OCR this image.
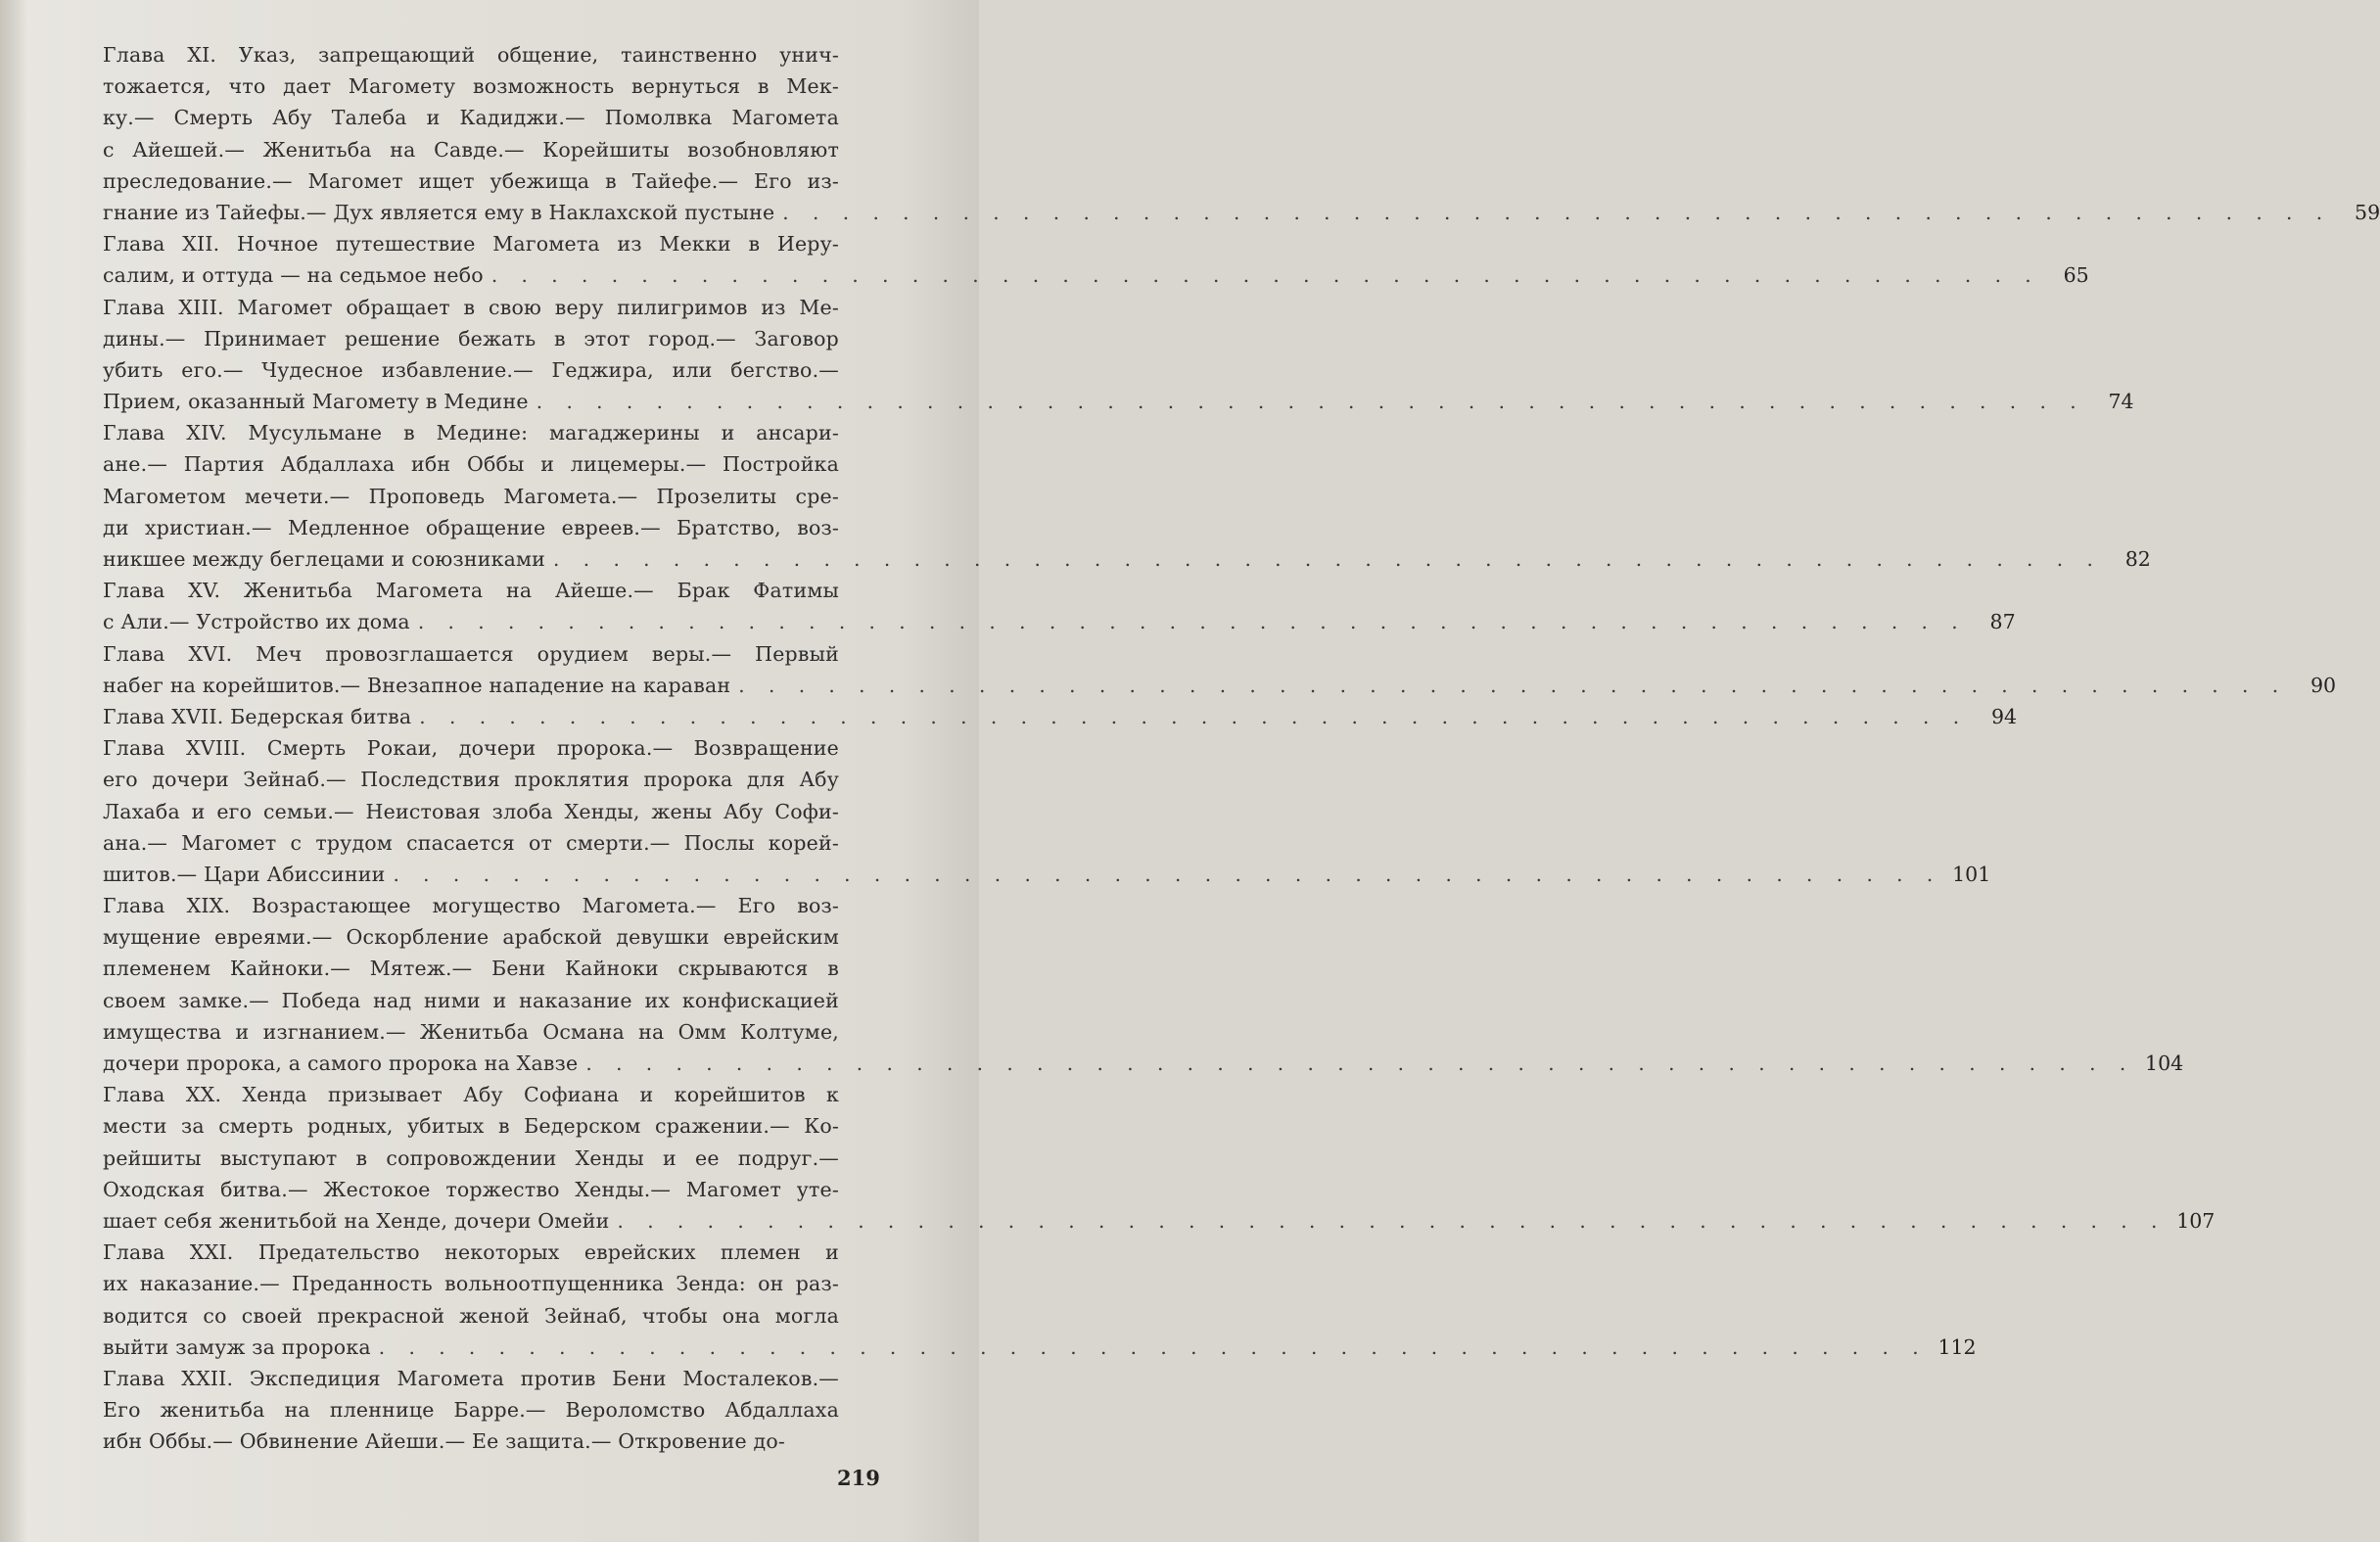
Глава XI. Указ, запрещающий общение, таинственно унич-
тожается, что дает Магомету возможность вернуться в Мек-
ку.— Смерть Абу Талеба и Кадиджи.— Помолвка Магомета
с Айешей.— Женитьба на Савде.— Корейшиты возобновляют
преследование.— Магомет ищет убежища в Тайефе.— Его из-
гнание из Тайефы.— Дух является ему в Наклахской пустыне . . .	59
Глава XII. Ночное путешествие Магомета из Мекки в Иеру-
салим, и оттуда — на седьмое небо . . .	65
Глава XIII. Магомет обращает в свою веру пилигримов из Ме-
дины.— Принимает решение бежать в этот город.— Заговор
убить его.— Чудесное избавление.— Геджира, или бегство.—
Прием, оказанный Магомету в Медине . . .	74
Глава XIV. Мусульмане в Медине: магаджерины и ансари-
ане.— Партия Абдаллаха ибн Оббы и лицемеры.— Постройка
Магометом мечети.— Проповедь Магомета.— Прозелиты сре-
ди христиан.— Медленное обращение евреев.— Братство, воз-
никшее между беглецами и союзниками . . .	82
Глава XV. Женитьба Магомета на Айеше.— Брак Фатимы
с Али.— Устройство их дома . . .	87
Глава XVI. Меч провозглашается орудием веры.— Первый
набег на корейшитов.— Внезапное нападение на караван . . .	90
Глава XVII. Бедерская битва . . .	94
Глава XVIII. Смерть Рокаи, дочери пророка.— Возвращение
его дочери Зейнаб.— Последствия проклятия пророка для Абу
Лахаба и его семьи.— Неистовая злоба Хенды, жены Абу Софи-
ана.— Магомет с трудом спасается от смерти.— Послы корей-
шитов.— Цари Абиссинии . . .	101
Глава XIX. Возрастающее могущество Магомета.— Его воз-
мущение евреями.— Оскорбление арабской девушки еврейским
племенем Кайноки.— Мятеж.— Бени Кайноки скрываются в
своем замке.— Победа над ними и наказание их конфискацией
имущества и изгнанием.— Женитьба Османа на Омм Колтуме,
дочери пророка, а самого пророка на Хавзе . . .	104
Глава XX. Хенда призывает Абу Софиана и корейшитов к
мести за смерть родных, убитых в Бедерском сражении.— Ко-
рейшиты выступают в сопровождении Хенды и ее подруг.—
Оходская битва.— Жестокое торжество Хенды.— Магомет уте-
шает себя женитьбой на Хенде, дочери Омейи . . .	107
Глава XXI. Предательство некоторых еврейских племен и
их наказание.— Преданность вольноотпущенника Зенда: он раз-
водится со своей прекрасной женой Зейнаб, чтобы она могла
выйти замуж за пророка . . .	112
Глава XXII. Экспедиция Магомета против Бени Мосталеков.—
Его женитьба на пленнице Барре.— Вероломство Абдаллаха
ибн Оббы.— Обвинение Айеши.— Ее защита.— Откровение до-
219
